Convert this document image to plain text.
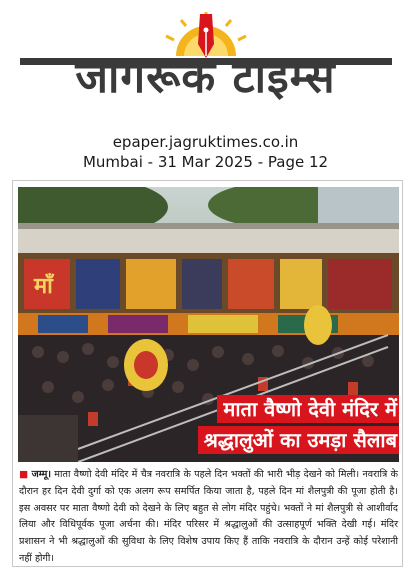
जागरूक टाइम्स
epaper.jagruktimes.co.in
Mumbai - 31 Mar 2025 - Page 12
माँ
माता वैष्णो देवी मंदिर में
श्रद्धालुओं का उमड़ा सैलाब
■ जम्मू। माता वैष्णो देवी मंदिर में चैत्र नवरात्रि के पहले दिन भक्तों की भारी भीड़ देखने को मिली। नवरात्रि के दौरान हर दिन देवी दुर्गा को एक अलग रूप समर्पित किया जाता है, पहले दिन मां शैलपुत्री की पूजा होती है। इस अवसर पर माता वैष्णो देवी को देखने के लिए बहुत से लोग मंदिर पहुंचे। भक्तों ने मां शैलपुत्री से आशीर्वाद लिया और विधिपूर्वक पूजा अर्चना की। मंदिर परिसर में श्रद्धालुओं की उत्साहपूर्ण भक्ति देखी गई। मंदिर प्रशासन ने भी श्रद्धालुओं की सुविधा के लिए विशेष उपाय किए हैं ताकि नवरात्रि के दौरान उन्हें कोई परेशानी नहीं होगी।
